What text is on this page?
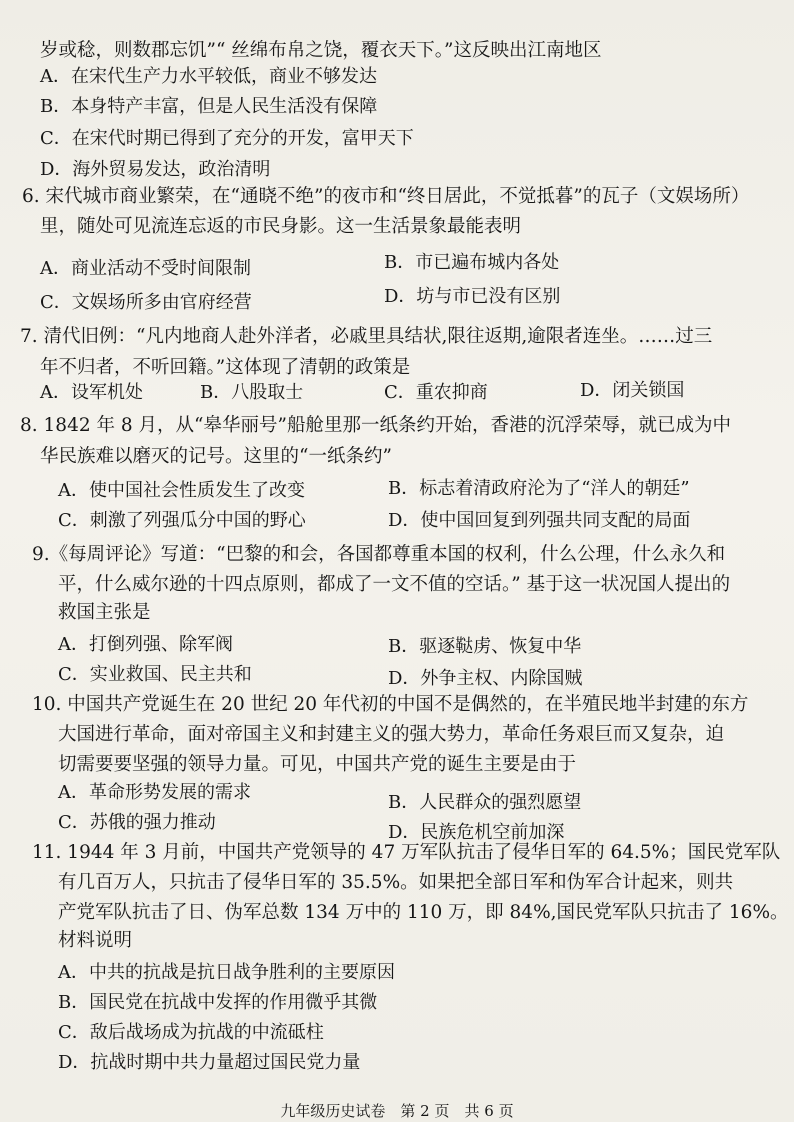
岁或稔，则数郡忘饥”“ 丝绵布帛之饶，覆衣天下。”这反映出江南地区
A．在宋代生产力水平较低，商业不够发达
B．本身特产丰富，但是人民生活没有保障
C．在宋代时期已得到了充分的开发，富甲天下
D．海外贸易发达，政治清明
6. 宋代城市商业繁荣，在“通晓不绝”的夜市和“终日居此，不觉抵暮”的瓦子（文娱场所）
里，随处可见流连忘返的市民身影。这一生活景象最能表明
A．商业活动不受时间限制	B．市已遍布城内各处
C．文娱场所多由官府经营	D．坊与市已没有区别
7. 清代旧例：“凡内地商人赴外洋者，必戚里具结状,限往返期,逾限者连坐。……过三
年不归者，不听回籍。”这体现了清朝的政策是
A．设军机处	B．八股取士	C．重农抑商	D．闭关锁国
8. 1842 年 8 月，从“皋华丽号”船舱里那一纸条约开始，香港的沉浮荣辱，就已成为中
华民族难以磨灭的记号。这里的“一纸条约”
A．使中国社会性质发生了改变	B．标志着清政府沦为了“洋人的朝廷”
C．刺激了列强瓜分中国的野心	D．使中国回复到列强共同支配的局面
9.《每周评论》写道：“巴黎的和会，各国都尊重本国的权利，什么公理，什么永久和
平，什么威尔逊的十四点原则，都成了一文不值的空话。” 基于这一状况国人提出的
救国主张是
A．打倒列强、除军阀	B．驱逐鞑虏、恢复中华
C．实业救国、民主共和	D．外争主权、内除国贼
10. 中国共产党诞生在 20 世纪 20 年代初的中国不是偶然的，在半殖民地半封建的东方
大国进行革命，面对帝国主义和封建主义的强大势力，革命任务艰巨而又复杂，迫
切需要要坚强的领导力量。可见，中国共产党的诞生主要是由于
A．革命形势发展的需求	B．人民群众的强烈愿望
C．苏俄的强力推动	D．民族危机空前加深
11. 1944 年 3 月前，中国共产党领导的 47 万军队抗击了侵华日军的 64.5%；国民党军队
有几百万人，只抗击了侵华日军的 35.5%。如果把全部日军和伪军合计起来，则共
产党军队抗击了日、伪军总数 134 万中的 110 万，即 84%,国民党军队只抗击了 16%。
材料说明
A．中共的抗战是抗日战争胜利的主要原因
B．国民党在抗战中发挥的作用微乎其微
C．敌后战场成为抗战的中流砥柱
D．抗战时期中共力量超过国民党力量
九年级历史试卷　第 2 页　共 6 页
